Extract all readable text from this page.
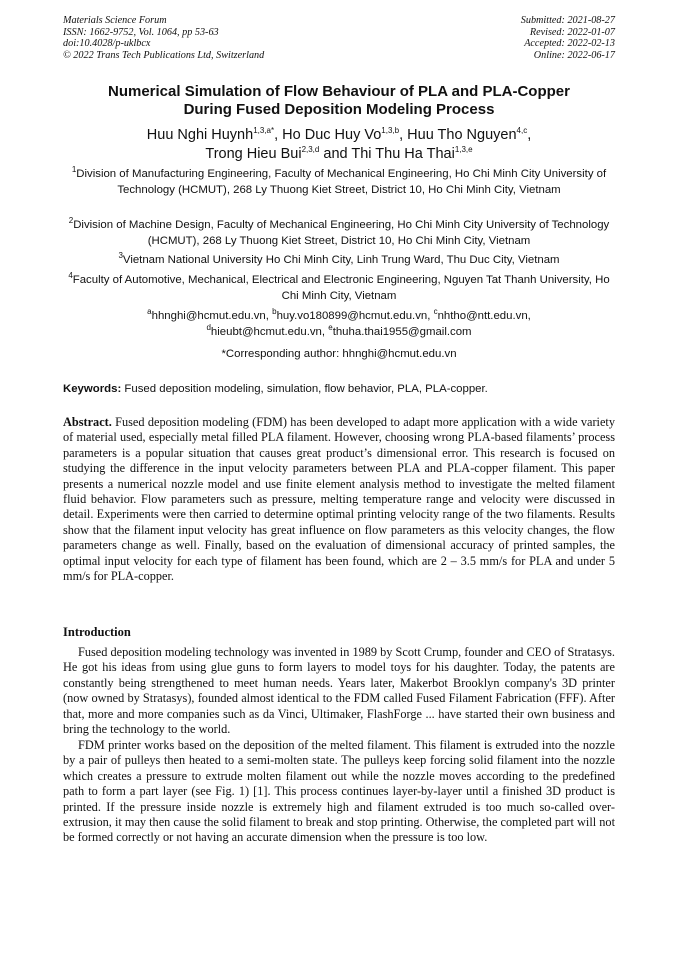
Materials Science Forum
ISSN: 1662-9752, Vol. 1064, pp 53-63
doi:10.4028/p-uklbcx
© 2022 Trans Tech Publications Ltd, Switzerland
Submitted: 2021-08-27
Revised: 2022-01-07
Accepted: 2022-02-13
Online: 2022-06-17
Numerical Simulation of Flow Behaviour of PLA and PLA-Copper
During Fused Deposition Modeling Process
Huu Nghi Huynh$^{1,3,a*}$, Ho Duc Huy Vo$^{1,3,b}$, Huu Tho Nguyen$^{4,c}$,
Trong Hieu Bui$^{2,3,d}$ and Thi Thu Ha Thai$^{1,3,e}$
$^1$Division of Manufacturing Engineering, Faculty of Mechanical Engineering, Ho Chi Minh City University of Technology (HCMUT), 268 Ly Thuong Kiet Street, District 10, Ho Chi Minh City, Vietnam
$^2$Division of Machine Design, Faculty of Mechanical Engineering, Ho Chi Minh City University of Technology (HCMUT), 268 Ly Thuong Kiet Street, District 10, Ho Chi Minh City, Vietnam
$^3$Vietnam National University Ho Chi Minh City, Linh Trung Ward, Thu Duc City, Vietnam
$^4$Faculty of Automotive, Mechanical, Electrical and Electronic Engineering, Nguyen Tat Thanh University, Ho Chi Minh City, Vietnam
$^a$hhnghi@hcmut.edu.vn, $^b$huy.vo180899@hcmut.edu.vn, $^c$nhtho@ntt.edu.vn,
$^d$hieubt@hcmut.edu.vn, $^e$thuha.thai1955@gmail.com
*Corresponding author: hhnghi@hcmut.edu.vn
Keywords: Fused deposition modeling, simulation, flow behavior, PLA, PLA-copper.
Abstract. Fused deposition modeling (FDM) has been developed to adapt more application with a wide variety of material used, especially metal filled PLA filament. However, choosing wrong PLA-based filaments’ process parameters is a popular situation that causes great product’s dimensional error. This research is focused on studying the difference in the input velocity parameters between PLA and PLA-copper filament. This paper presents a numerical nozzle model and use finite element analysis method to investigate the melted filament fluid behavior. Flow parameters such as pressure, melting temperature range and velocity were discussed in detail. Experiments were then carried to determine optimal printing velocity range of the two filaments. Results show that the filament input velocity has great influence on flow parameters as this velocity changes, the flow parameters change as well. Finally, based on the evaluation of dimensional accuracy of printed samples, the optimal input velocity for each type of filament has been found, which are 2 – 3.5 mm/s for PLA and under 5 mm/s for PLA-copper.
Introduction
Fused deposition modeling technology was invented in 1989 by Scott Crump, founder and CEO of Stratasys. He got his ideas from using glue guns to form layers to model toys for his daughter. Today, the patents are constantly being strengthened to meet human needs. Years later, Makerbot Brooklyn company's 3D printer (now owned by Stratasys), founded almost identical to the FDM called Fused Filament Fabrication (FFF). After that, more and more companies such as da Vinci, Ultimaker, FlashForge ... have started their own business and bring the technology to the world.
FDM printer works based on the deposition of the melted filament. This filament is extruded into the nozzle by a pair of pulleys then heated to a semi-molten state. The pulleys keep forcing solid filament into the nozzle which creates a pressure to extrude molten filament out while the nozzle moves according to the predefined path to form a part layer (see Fig. 1) [1]. This process continues layer-by-layer until a finished 3D product is printed. If the pressure inside nozzle is extremely high and filament extruded is too much so-called over-extrusion, it may then cause the solid filament to break and stop printing. Otherwise, the completed part will not be formed correctly or not having an accurate dimension when the pressure is too low.
